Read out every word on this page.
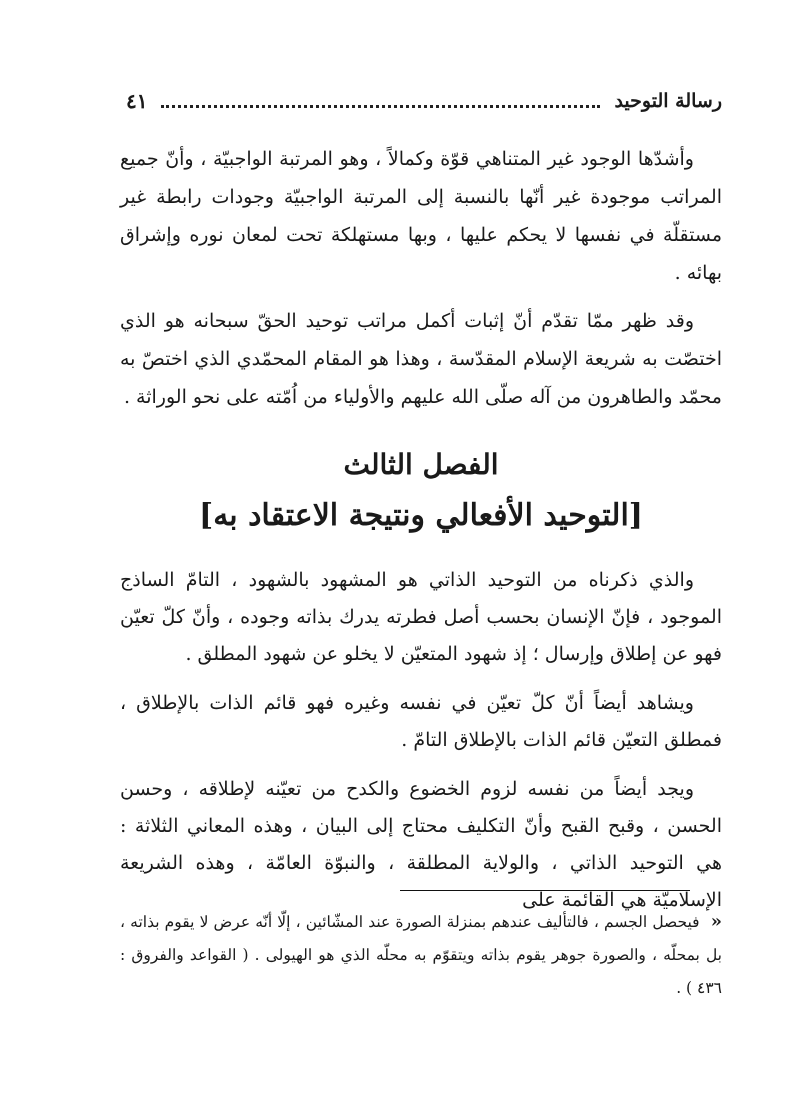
رسالة التوحيد
٤١

وأشدّها الوجود غير المتناهي قوّة وكمالاً ، وهو المرتبة الواجبيّة ، وأنّ جميع المراتب موجودة غير أنّها بالنسبة إلى المرتبة الواجبيّة وجودات رابطة غير مستقلّة في نفسها لا يحكم عليها ، وبها مستهلكة تحت لمعان نوره وإشراق بهائه .

وقد ظهر ممّا تقدّم أنّ إثبات أكمل مراتب توحيد الحقّ سبحانه هو الذي اختصّت به شريعة الإسلام المقدّسة ، وهذا هو المقام المحمّدي الذي اختصّ به محمّد والطاهرون من آله صلّى الله عليهم والأولياء من اُمّته على نحو الوراثة .

الفصل الثالث
[التوحيد الأفعالي ونتيجة الاعتقاد به]

والذي ذكرناه من التوحيد الذاتي هو المشهود بالشهود ، التامّ الساذج الموجود ، فإنّ الإنسان بحسب أصل فطرته يدرك بذاته وجوده ، وأنّ كلّ تعيّن فهو عن إطلاق وإرسال ؛ إذ شهود المتعيّن لا يخلو عن شهود المطلق .

ويشاهد أيضاً أنّ كلّ تعيّن في نفسه وغيره فهو قائم الذات بالإطلاق ، فمطلق التعيّن قائم الذات بالإطلاق التامّ .

ويجد أيضاً من نفسه لزوم الخضوع والكدح من تعيّنه لإطلاقه ، وحسن الحسن ، وقبح القبح وأنّ التكليف محتاج إلى البيان ، وهذه المعاني الثلاثة : هي التوحيد الذاتي ، والولاية المطلقة ، والنبوّة العامّة ، وهذه الشريعة الإسلاميّة هي القائمة على

« فيحصل الجسم ، فالتأليف عندهم بمنزلة الصورة عند المشّائين ، إلّا أنّه عرض لا يقوم بذاته ، بل بمحلّه ، والصورة جوهر يقوم بذاته ويتقوّم به محلّه الذي هو الهيولى . ( القواعد والفروق : ٤٣٦ ) .
